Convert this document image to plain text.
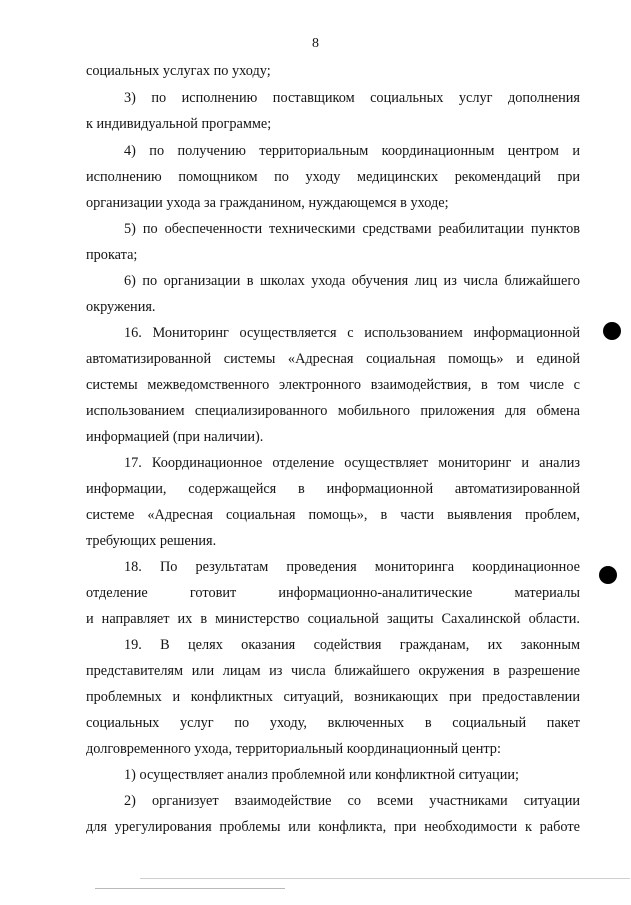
8
социальных услугах по уходу;
3) по исполнению поставщиком социальных услуг дополнения
к индивидуальной программе;
4) по получению территориальным координационным центром и
исполнению помощником по уходу медицинских рекомендаций при
организации ухода за гражданином, нуждающемся в уходе;
5) по обеспеченности техническими средствами реабилитации пунктов
проката;
6) по организации в школах ухода обучения лиц из числа ближайшего
окружения.
16. Мониторинг осуществляется с использованием информационной
автоматизированной системы «Адресная социальная помощь» и единой
системы межведомственного электронного взаимодействия, в том числе с
использованием специализированного мобильного приложения для обмена
информацией (при наличии).
17. Координационное отделение осуществляет мониторинг и анализ
информации, содержащейся в информационной автоматизированной
системе «Адресная социальная помощь», в части выявления проблем,
требующих решения.
18. По результатам проведения мониторинга координационное
отделение готовит информационно-аналитические материалы
и направляет их в министерство социальной защиты Сахалинской области.
19. В целях оказания содействия гражданам, их законным
представителям или лицам из числа ближайшего окружения в разрешение
проблемных и конфликтных ситуаций, возникающих при предоставлении
социальных услуг по уходу, включенных в социальный пакет
долговременного ухода, территориальный координационный центр:
1) осуществляет анализ проблемной или конфликтной ситуации;
2) организует взаимодействие со всеми участниками ситуации
для урегулирования проблемы или конфликта, при необходимости к работе
